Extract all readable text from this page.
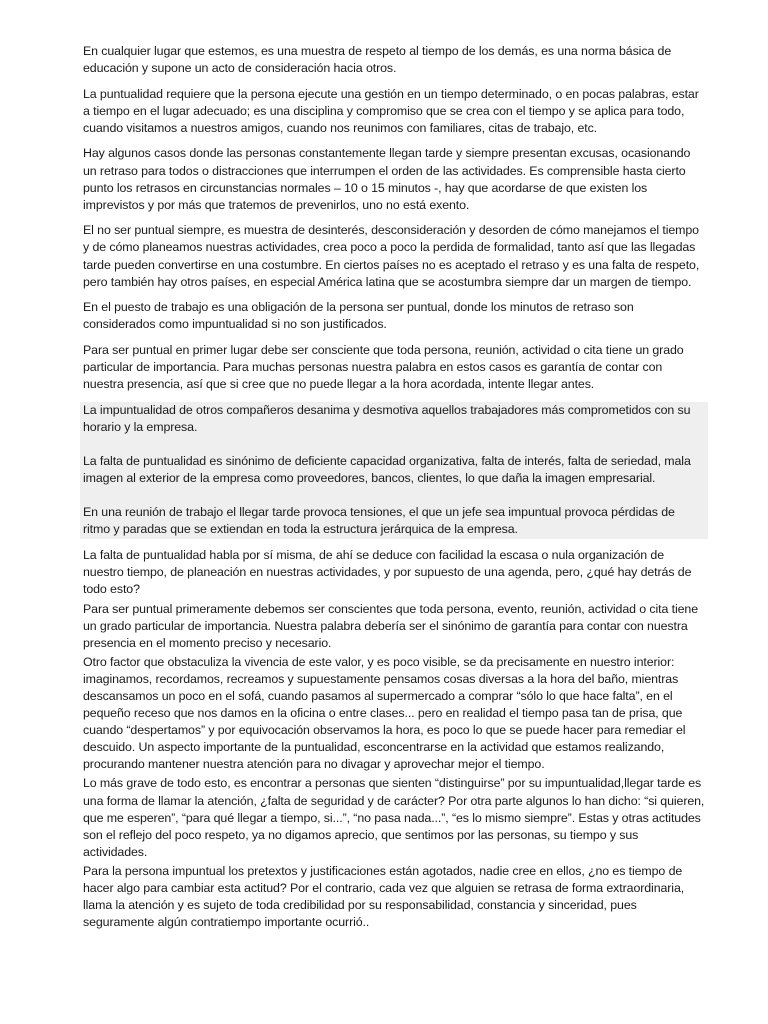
En cualquier lugar que estemos, es una muestra de respeto al tiempo de los demás, es una norma básica de educación y supone un acto de consideración hacia otros.

La puntualidad requiere que la persona ejecute una gestión en un tiempo determinado, o en pocas palabras, estar a tiempo en el lugar adecuado; es una disciplina y compromiso que se crea con el tiempo y se aplica para todo, cuando visitamos a nuestros amigos, cuando nos reunimos con familiares, citas de trabajo, etc.

Hay algunos casos donde las personas constantemente llegan tarde y siempre presentan excusas, ocasionando un retraso para todos o distracciones que interrumpen el orden de las actividades. Es comprensible hasta cierto punto los retrasos en circunstancias normales – 10 o 15 minutos -, hay que acordarse de que existen los imprevistos y por más que tratemos de prevenirlos, uno no está exento.

El no ser puntual siempre, es muestra de desinterés, desconsideración y desorden de cómo manejamos el tiempo y de cómo planeamos nuestras actividades, crea poco a poco la perdida de formalidad, tanto así que las llegadas tarde pueden convertirse en una costumbre. En ciertos países no es aceptado el retraso y es una falta de respeto, pero también hay otros países, en especial América latina que se acostumbra siempre dar un margen de tiempo.

En el puesto de trabajo es una obligación de la persona ser puntual, donde los minutos de retraso son considerados como impuntualidad si no son justificados.

Para ser puntual en primer lugar debe ser consciente que toda persona, reunión, actividad o cita tiene un grado particular de importancia. Para muchas personas nuestra palabra en estos casos es garantía de contar con nuestra presencia, así que si cree que no puede llegar a la hora acordada, intente llegar antes.

La impuntualidad de otros compañeros desanima y desmotiva aquellos trabajadores más comprometidos con su horario y la empresa.

La falta de puntualidad es sinónimo de deficiente capacidad organizativa, falta de interés, falta de seriedad, mala imagen al exterior de la empresa como proveedores, bancos, clientes, lo que daña la imagen empresarial.

En una reunión de trabajo el llegar tarde provoca tensiones, el que un jefe sea impuntual provoca pérdidas de ritmo y paradas que se extiendan en toda la estructura jerárquica de la empresa.

La falta de puntualidad habla por sí misma, de ahí se deduce con facilidad la escasa o nula organización de nuestro tiempo, de planeación en nuestras actividades, y por supuesto de una agenda, pero, ¿qué hay detrás de todo esto?

Para ser puntual primeramente debemos ser conscientes que toda persona, evento, reunión, actividad o cita tiene un grado particular de importancia. Nuestra palabra debería ser el sinónimo de garantía para contar con nuestra presencia en el momento preciso y necesario.

Otro factor que obstaculiza la vivencia de este valor, y es poco visible, se da precisamente en nuestro interior: imaginamos, recordamos, recreamos y supuestamente pensamos cosas diversas a la hora del baño, mientras descansamos un poco en el sofá, cuando pasamos al supermercado a comprar “sólo lo que hace falta”, en el pequeño receso que nos damos en la oficina o entre clases... pero en realidad el tiempo pasa tan de prisa, que cuando “despertamos” y por equivocación observamos la hora, es poco lo que se puede hacer para remediar el descuido. Un aspecto importante de la puntualidad, esconcentrarse en la actividad que estamos realizando, procurando mantener nuestra atención para no divagar y aprovechar mejor el tiempo.

Lo más grave de todo esto, es encontrar a personas que sienten “distinguirse” por su impuntualidad,llegar tarde es una forma de llamar la atención, ¿falta de seguridad y de carácter? Por otra parte algunos lo han dicho: “si quieren, que me esperen”, “para qué llegar a tiempo, si...”, “no pasa nada...”, “es lo mismo siempre”. Estas y otras actitudes son el reflejo del poco respeto, ya no digamos aprecio, que sentimos por las personas, su tiempo y sus actividades.

Para la persona impuntual los pretextos y justificaciones están agotados, nadie cree en ellos, ¿no es tiempo de hacer algo para cambiar esta actitud? Por el contrario, cada vez que alguien se retrasa de forma extraordinaria, llama la atención y es sujeto de toda credibilidad por su responsabilidad, constancia y sinceridad, pues seguramente algún contratiempo importante ocurrió..
